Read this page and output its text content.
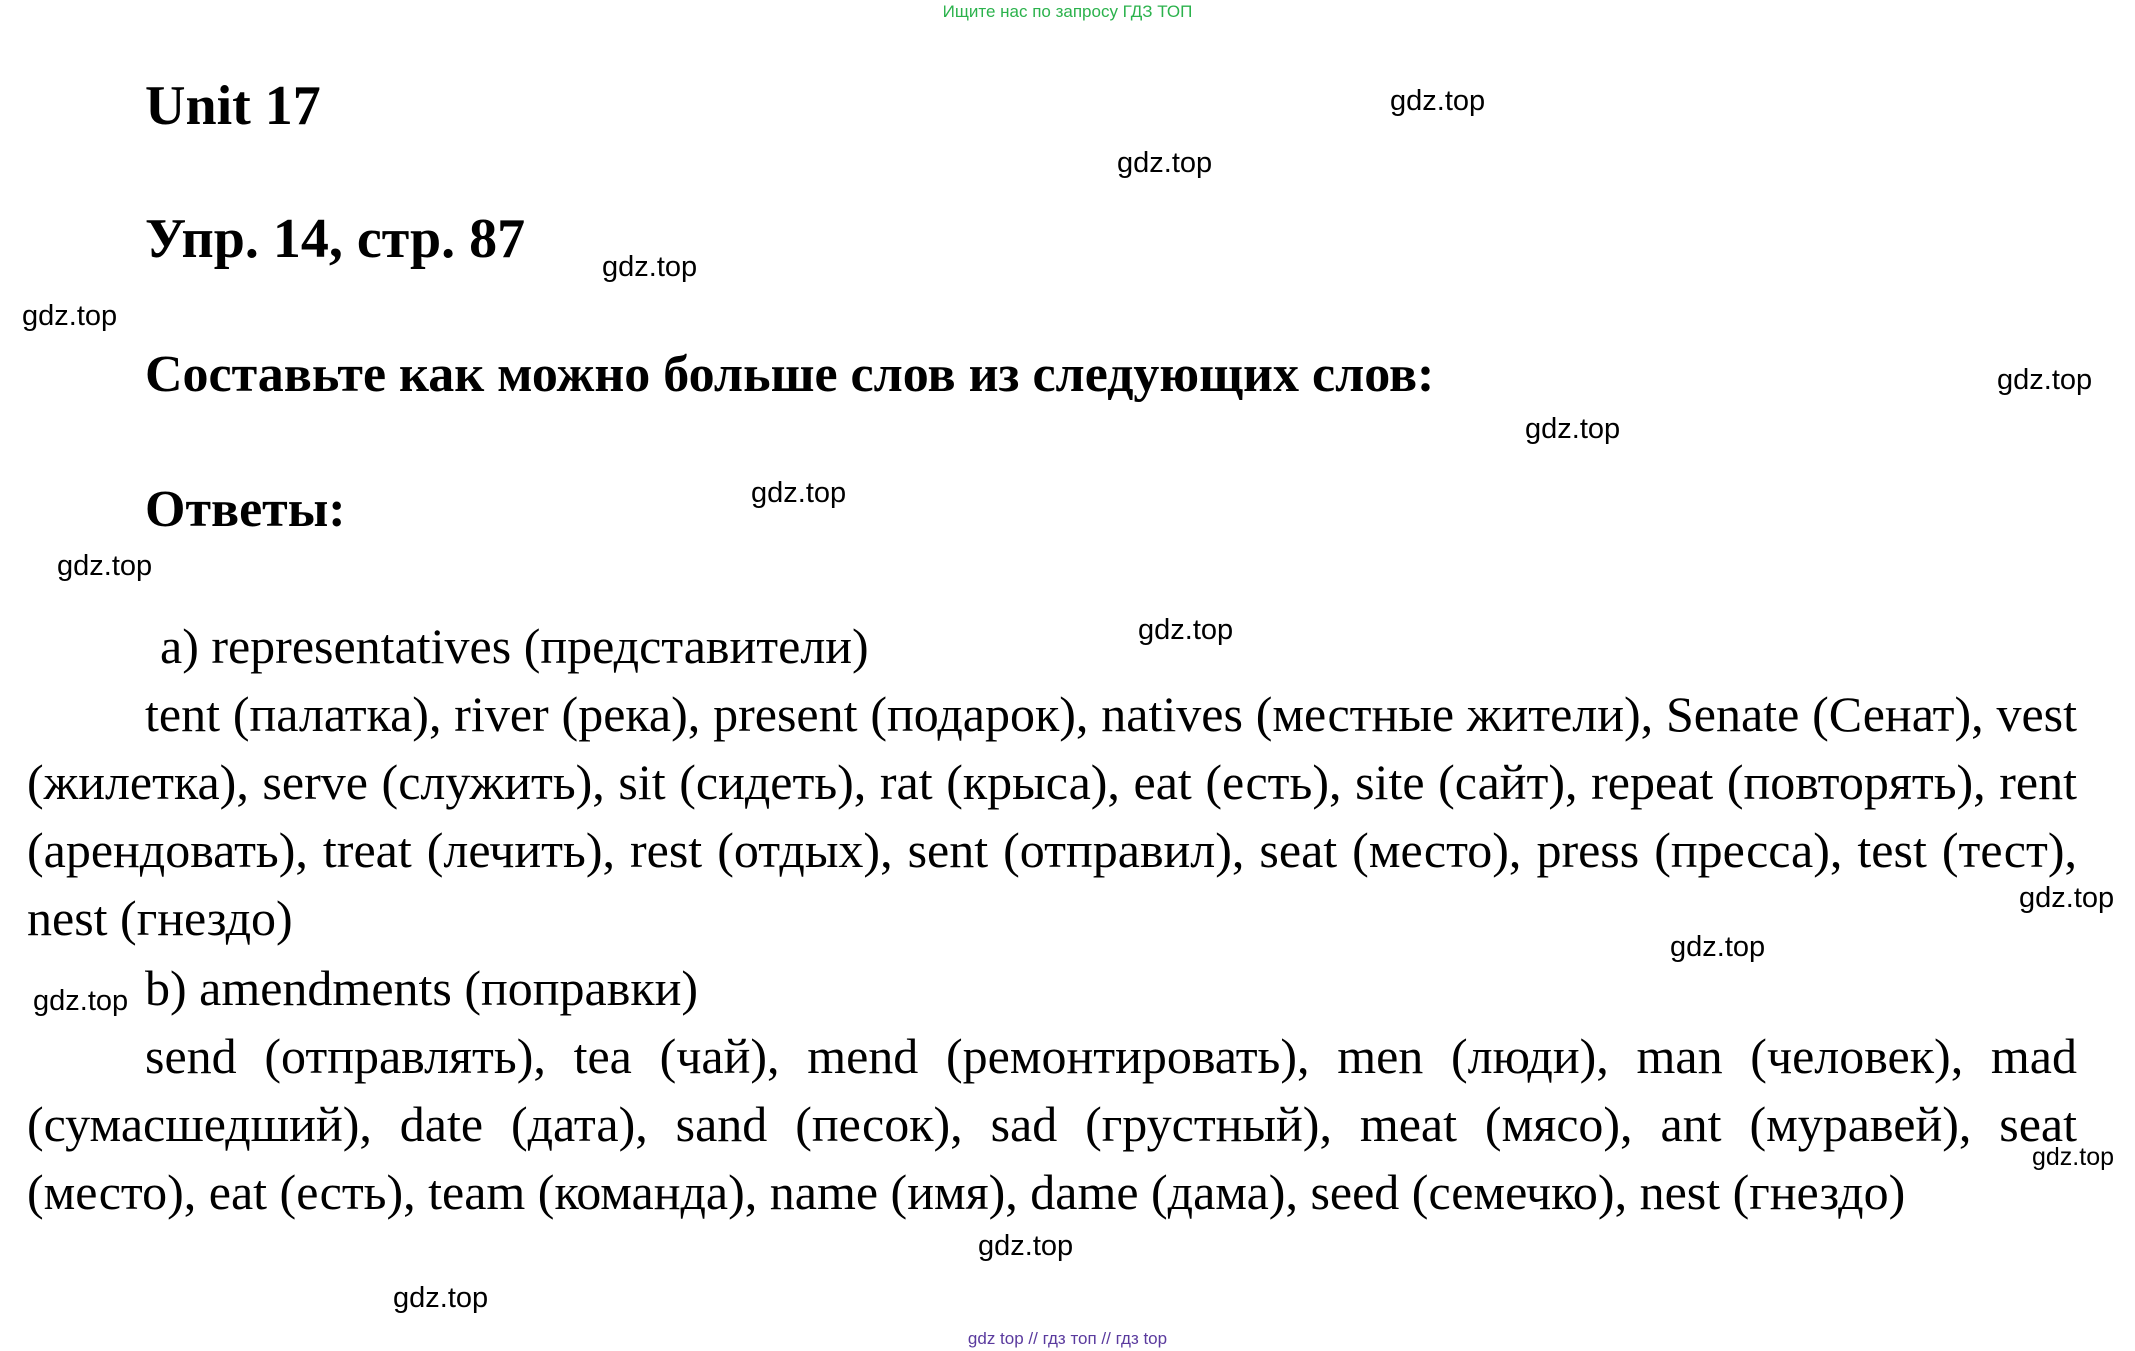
Ищите нас по запросу ГДЗ ТОП
Unit 17
Упр. 14, стр. 87
Составьте как можно больше слов из следующих слов:
Ответы:
a) representatives (представители)

tent (палатка), river (река), present (подарок), natives (местные жители), Senate (Сенат), vest (жилетка), serve (служить), sit (сидеть), rat (крыса), eat (есть), site (сайт), repeat (повторять), rent (арендовать), treat (лечить), rest (отдых), sent (отправил), seat (место), press (пресса), test (тест), nest (гнездо)

b) amendments (поправки)

send (отправлять), tea (чай), mend (ремонтировать), men (люди), man (человек), mad (сумасшедший), date (дата), sand (песок), sad (грустный), meat (мясо), ant (муравей), seat (место), eat (есть), team (команда), name (имя), dame (дама), seed (семечко), nest (гнездо)

gdz.top
gdz.top
gdz.top
gdz.top
gdz.top
gdz.top
gdz.top
gdz.top
gdz.top
gdz.top
gdz.top
gdz.top
gdz.top
gdz.top
gdz.top
gdz top // гдз топ // гдз top
